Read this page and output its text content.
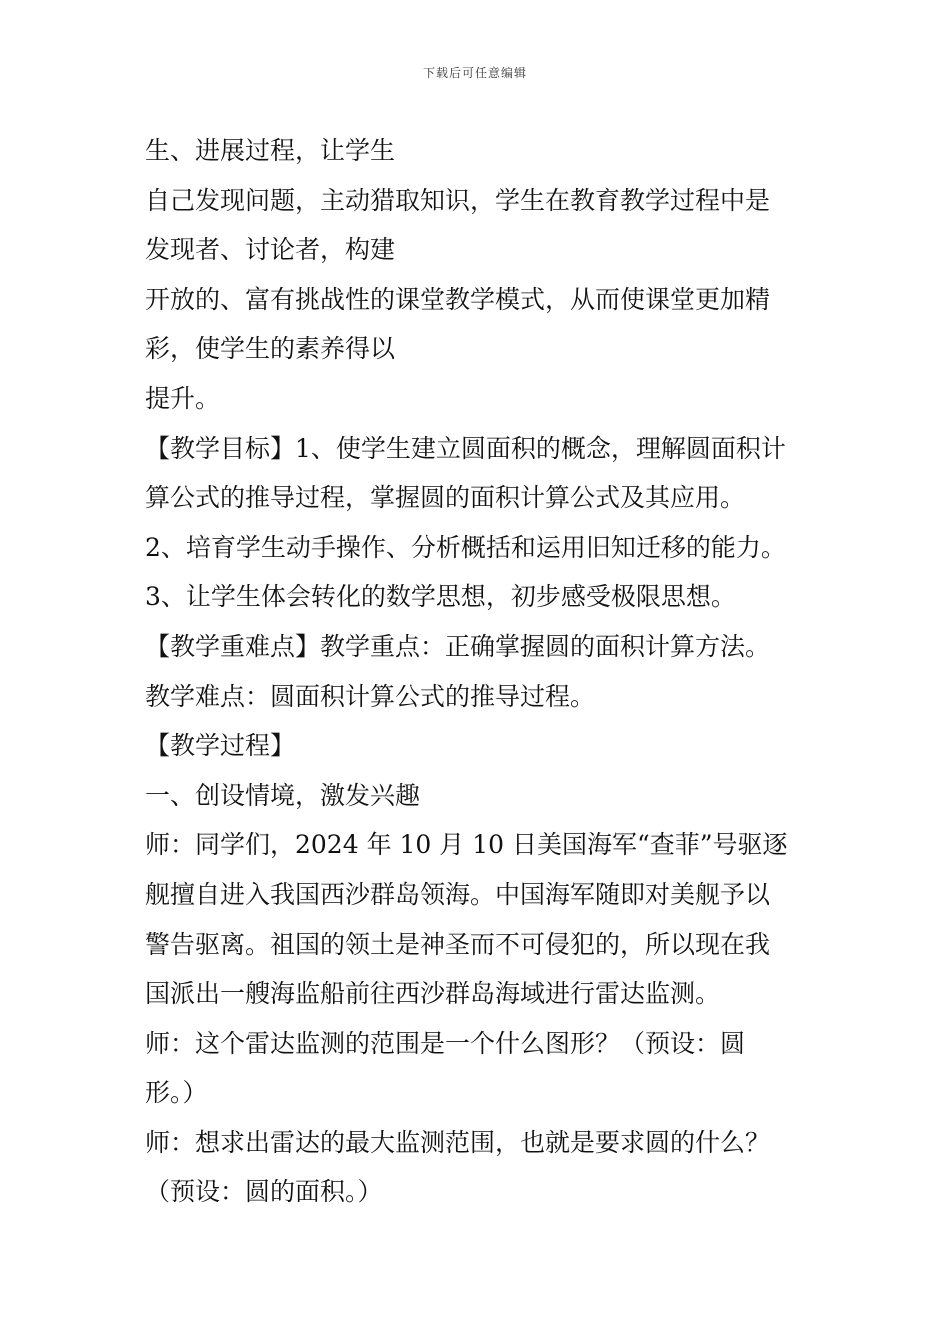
下载后可任意编辑
生、进展过程，让学生
自己发现问题，主动猎取知识，学生在教育教学过程中是
发现者、讨论者，构建
开放的、富有挑战性的课堂教学模式，从而使课堂更加精
彩，使学生的素养得以
提升。
【教学目标】1、使学生建立圆面积的概念，理解圆面积计
算公式的推导过程，掌握圆的面积计算公式及其应用。
2、培育学生动手操作、分析概括和运用旧知迁移的能力。
3、让学生体会转化的数学思想，初步感受极限思想。
【教学重难点】教学重点：正确掌握圆的面积计算方法。
教学难点：圆面积计算公式的推导过程。
【教学过程】
一、创设情境，激发兴趣
师：同学们，2024 年 10 月 10 日美国海军“查菲”号驱逐
舰擅自进入我国西沙群岛领海。中国海军随即对美舰予以
警告驱离。祖国的领土是神圣而不可侵犯的，所以现在我
国派出一艘海监船前往西沙群岛海域进行雷达监测。
师：这个雷达监测的范围是一个什么图形？（预设：圆
形。）
师：想求出雷达的最大监测范围，也就是要求圆的什么？
（预设：圆的面积。）
